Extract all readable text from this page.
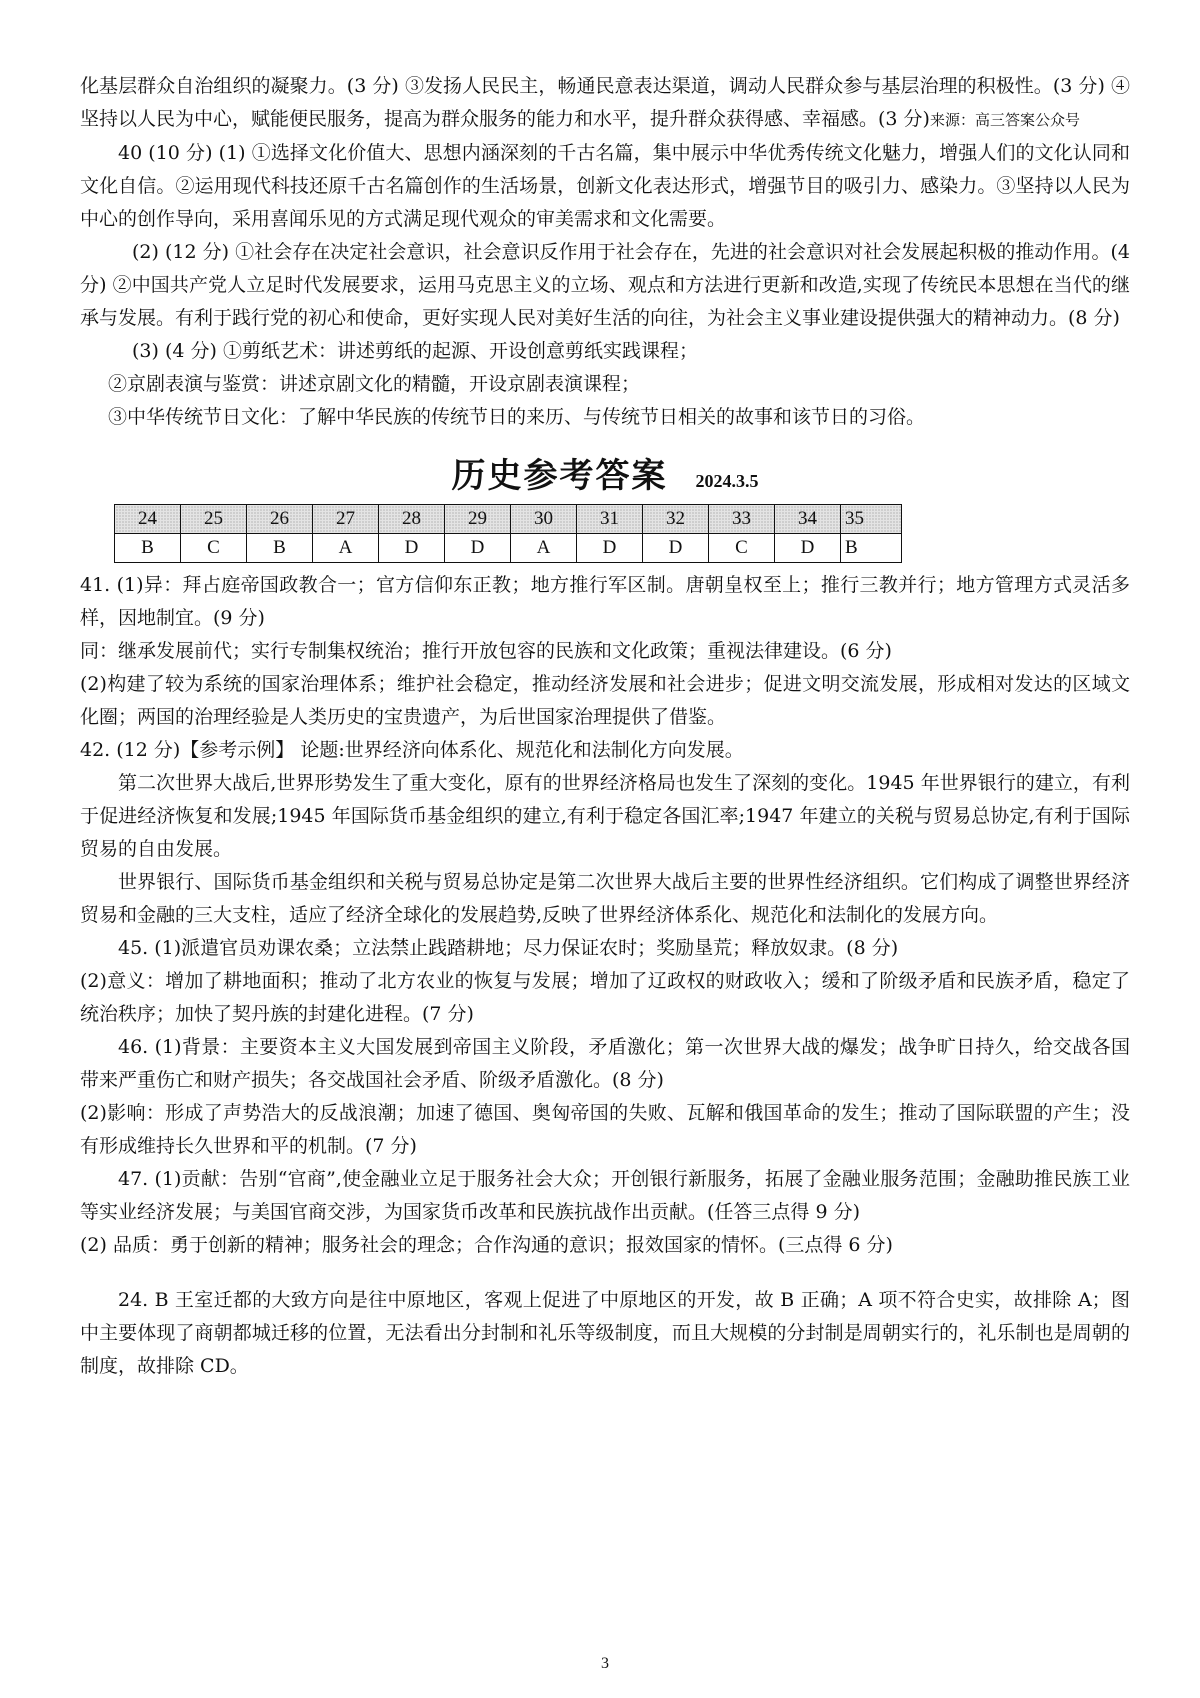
化基层群众自治组织的凝聚力。(3 分) ③发扬人民民主，畅通民意表达渠道，调动人民群众参与基层治理的积极性。(3 分) ④坚持以人民为中心，赋能便民服务，提高为群众服务的能力和水平，提升群众获得感、幸福感。(3 分)来源：高三答案公众号

40 (10 分) (1) ①选择文化价值大、思想内涵深刻的千古名篇，集中展示中华优秀传统文化魅力，增强人们的文化认同和文化自信。②运用现代科技还原千古名篇创作的生活场景，创新文化表达形式，增强节目的吸引力、感染力。③坚持以人民为中心的创作导向，采用喜闻乐见的方式满足现代观众的审美需求和文化需要。

(2) (12 分) ①社会存在决定社会意识，社会意识反作用于社会存在，先进的社会意识对社会发展起积极的推动作用。(4 分) ②中国共产党人立足时代发展要求，运用马克思主义的立场、观点和方法进行更新和改造,实现了传统民本思想在当代的继承与发展。有利于践行党的初心和使命，更好实现人民对美好生活的向往，为社会主义事业建设提供强大的精神动力。(8 分)

(3) (4 分) ①剪纸艺术：讲述剪纸的起源、开设创意剪纸实践课程；

②京剧表演与鉴赏：讲述京剧文化的精髓，开设京剧表演课程；

③中华传统节日文化：了解中华民族的传统节日的来历、与传统节日相关的故事和该节日的习俗。

历史参考答案 2024.3.5
24	25	26	27	28	29	30	31	32	33	34	35
B	C	B	A	D	D	A	D	D	C	D	B

41. (1)异：拜占庭帝国政教合一；官方信仰东正教；地方推行军区制。唐朝皇权至上；推行三教并行；地方管理方式灵活多样，因地制宜。(9 分)

同：继承发展前代；实行专制集权统治；推行开放包容的民族和文化政策；重视法律建设。(6 分)

(2)构建了较为系统的国家治理体系；维护社会稳定，推动经济发展和社会进步；促进文明交流发展，形成相对发达的区域文化圈；两国的治理经验是人类历史的宝贵遗产，为后世国家治理提供了借鉴。

42. (12 分)【参考示例】 论题:世界经济向体系化、规范化和法制化方向发展。

第二次世界大战后,世界形势发生了重大变化，原有的世界经济格局也发生了深刻的变化。1945 年世界银行的建立，有利于促进经济恢复和发展;1945 年国际货币基金组织的建立,有利于稳定各国汇率;1947 年建立的关税与贸易总协定,有利于国际贸易的自由发展。

世界银行、国际货币基金组织和关税与贸易总协定是第二次世界大战后主要的世界性经济组织。它们构成了调整世界经济贸易和金融的三大支柱，适应了经济全球化的发展趋势,反映了世界经济体系化、规范化和法制化的发展方向。

45. (1)派遣官员劝课农桑；立法禁止践踏耕地；尽力保证农时；奖励垦荒；释放奴隶。(8 分)

(2)意义：增加了耕地面积；推动了北方农业的恢复与发展；增加了辽政权的财政收入；缓和了阶级矛盾和民族矛盾，稳定了统治秩序；加快了契丹族的封建化进程。(7 分)

46. (1)背景：主要资本主义大国发展到帝国主义阶段，矛盾激化；第一次世界大战的爆发；战争旷日持久，给交战各国带来严重伤亡和财产损失；各交战国社会矛盾、阶级矛盾激化。(8 分)

(2)影响：形成了声势浩大的反战浪潮；加速了德国、奥匈帝国的失败、瓦解和俄国革命的发生；推动了国际联盟的产生；没有形成维持长久世界和平的机制。(7 分)

47. (1)贡献：告别“官商”,使金融业立足于服务社会大众；开创银行新服务，拓展了金融业服务范围；金融助推民族工业等实业经济发展；与美国官商交涉，为国家货币改革和民族抗战作出贡献。(任答三点得 9 分)

(2) 品质：勇于创新的精神；服务社会的理念；合作沟通的意识；报效国家的情怀。(三点得 6 分)

24. B 王室迁都的大致方向是往中原地区，客观上促进了中原地区的开发，故 B 正确；A 项不符合史实，故排除 A；图中主要体现了商朝都城迁移的位置，无法看出分封制和礼乐等级制度，而且大规模的分封制是周朝实行的，礼乐制也是周朝的制度，故排除 CD。

3
